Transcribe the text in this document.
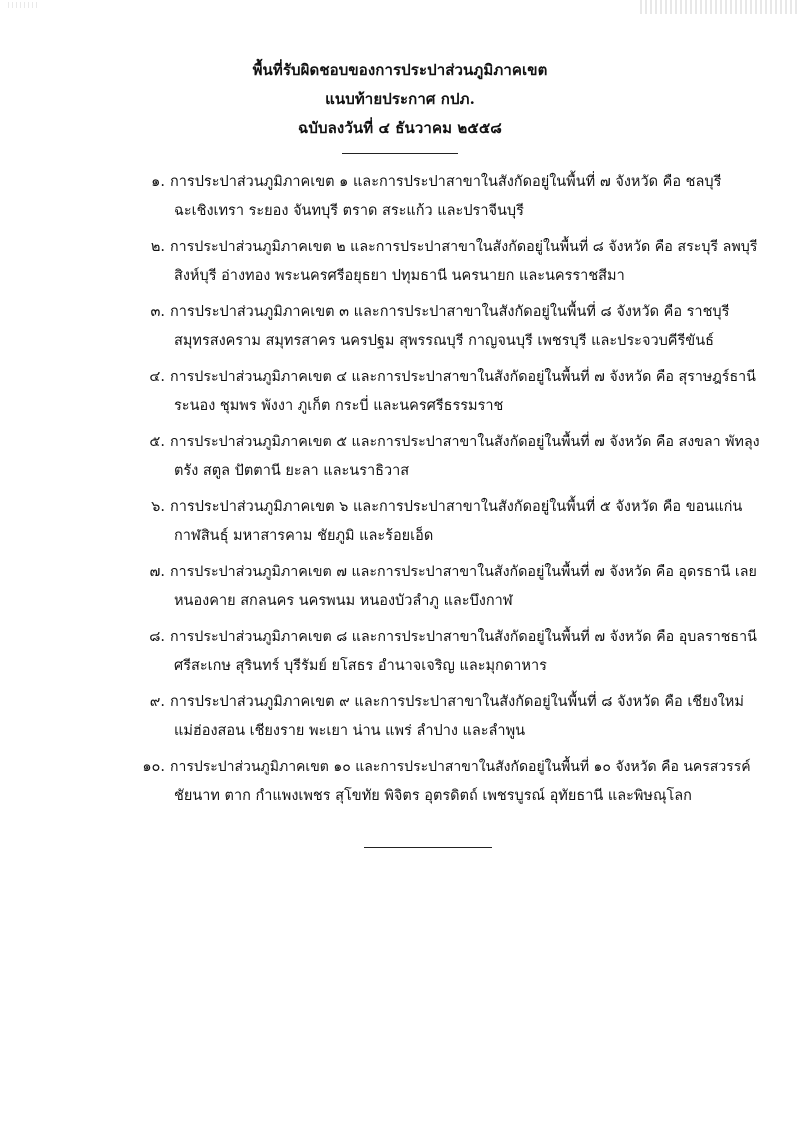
พื้นที่รับผิดชอบของการประปาส่วนภูมิภาคเขต
แนบท้ายประกาศ กปภ.
ฉบับลงวันที่ ๔ ธันวาคม ๒๕๕๘
๑. การประปาส่วนภูมิภาคเขต ๑ และการประปาสาขาในสังกัดอยู่ในพื้นที่ ๗ จังหวัด คือ ชลบุรี
ฉะเชิงเทรา ระยอง จันทบุรี ตราด สระแก้ว และปราจีนบุรี
๒. การประปาส่วนภูมิภาคเขต ๒ และการประปาสาขาในสังกัดอยู่ในพื้นที่ ๘ จังหวัด คือ สระบุรี ลพบุรี
สิงห์บุรี อ่างทอง พระนครศรีอยุธยา ปทุมธานี นครนายก และนครราชสีมา
๓. การประปาส่วนภูมิภาคเขต ๓ และการประปาสาขาในสังกัดอยู่ในพื้นที่ ๘ จังหวัด คือ ราชบุรี
สมุทรสงคราม สมุทรสาคร นครปฐม สุพรรณบุรี กาญจนบุรี เพชรบุรี และประจวบคีรีขันธ์
๔. การประปาส่วนภูมิภาคเขต ๔ และการประปาสาขาในสังกัดอยู่ในพื้นที่ ๗ จังหวัด คือ สุราษฎร์ธานี
ระนอง ชุมพร พังงา ภูเก็ต กระบี่ และนครศรีธรรมราช
๕. การประปาส่วนภูมิภาคเขต ๕ และการประปาสาขาในสังกัดอยู่ในพื้นที่ ๗ จังหวัด คือ สงขลา พัทลุง
ตรัง สตูล ปัตตานี ยะลา และนราธิวาส
๖. การประปาส่วนภูมิภาคเขต ๖ และการประปาสาขาในสังกัดอยู่ในพื้นที่ ๕ จังหวัด คือ ขอนแก่น
กาฬสินธุ์ มหาสารคาม ชัยภูมิ และร้อยเอ็ด
๗. การประปาส่วนภูมิภาคเขต ๗ และการประปาสาขาในสังกัดอยู่ในพื้นที่ ๗ จังหวัด คือ อุดรธานี เลย
หนองคาย สกลนคร นครพนม หนองบัวลำภู และบึงกาฬ
๘. การประปาส่วนภูมิภาคเขต ๘ และการประปาสาขาในสังกัดอยู่ในพื้นที่ ๗ จังหวัด คือ อุบลราชธานี
ศรีสะเกษ สุรินทร์ บุรีรัมย์ ยโสธร อำนาจเจริญ และมุกดาหาร
๙. การประปาส่วนภูมิภาคเขต ๙ และการประปาสาขาในสังกัดอยู่ในพื้นที่ ๘ จังหวัด คือ เชียงใหม่
แม่ฮ่องสอน เชียงราย พะเยา น่าน แพร่ ลำปาง และลำพูน
๑๐. การประปาส่วนภูมิภาคเขต ๑๐ และการประปาสาขาในสังกัดอยู่ในพื้นที่ ๑๐ จังหวัด คือ นครสวรรค์
ชัยนาท ตาก กำแพงเพชร สุโขทัย พิจิตร อุตรดิตถ์ เพชรบูรณ์ อุทัยธานี และพิษณุโลก
